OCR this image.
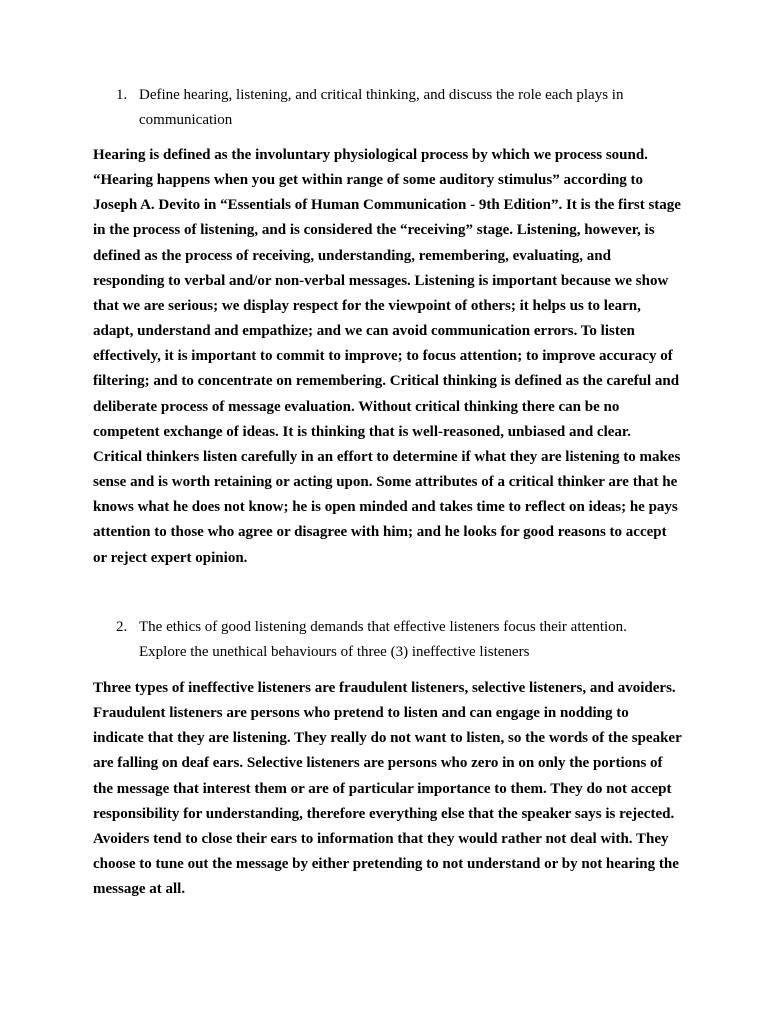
1. Define hearing, listening, and critical thinking, and discuss the role each plays in communication

Hearing is defined as the involuntary physiological process by which we process sound. “Hearing happens when you get within range of some auditory stimulus” according to Joseph A. Devito in “Essentials of Human Communication - 9th Edition”. It is the first stage in the process of listening, and is considered the “receiving” stage. Listening, however, is defined as the process of receiving, understanding, remembering, evaluating, and responding to verbal and/or non-verbal messages. Listening is important because we show that we are serious; we display respect for the viewpoint of others; it helps us to learn, adapt, understand and empathize; and we can avoid communication errors. To listen effectively, it is important to commit to improve; to focus attention; to improve accuracy of filtering; and to concentrate on remembering. Critical thinking is defined as the careful and deliberate process of message evaluation. Without critical thinking there can be no competent exchange of ideas. It is thinking that is well-reasoned, unbiased and clear. Critical thinkers listen carefully in an effort to determine if what they are listening to makes sense and is worth retaining or acting upon. Some attributes of a critical thinker are that he knows what he does not know; he is open minded and takes time to reflect on ideas; he pays attention to those who agree or disagree with him; and he looks for good reasons to accept or reject expert opinion.

2. The ethics of good listening demands that effective listeners focus their attention. Explore the unethical behaviours of three (3) ineffective listeners

Three types of ineffective listeners are fraudulent listeners, selective listeners, and avoiders. Fraudulent listeners are persons who pretend to listen and can engage in nodding to indicate that they are listening. They really do not want to listen, so the words of the speaker are falling on deaf ears. Selective listeners are persons who zero in on only the portions of the message that interest them or are of particular importance to them. They do not accept responsibility for understanding, therefore everything else that the speaker says is rejected. Avoiders tend to close their ears to information that they would rather not deal with. They choose to tune out the message by either pretending to not understand or by not hearing the message at all.
